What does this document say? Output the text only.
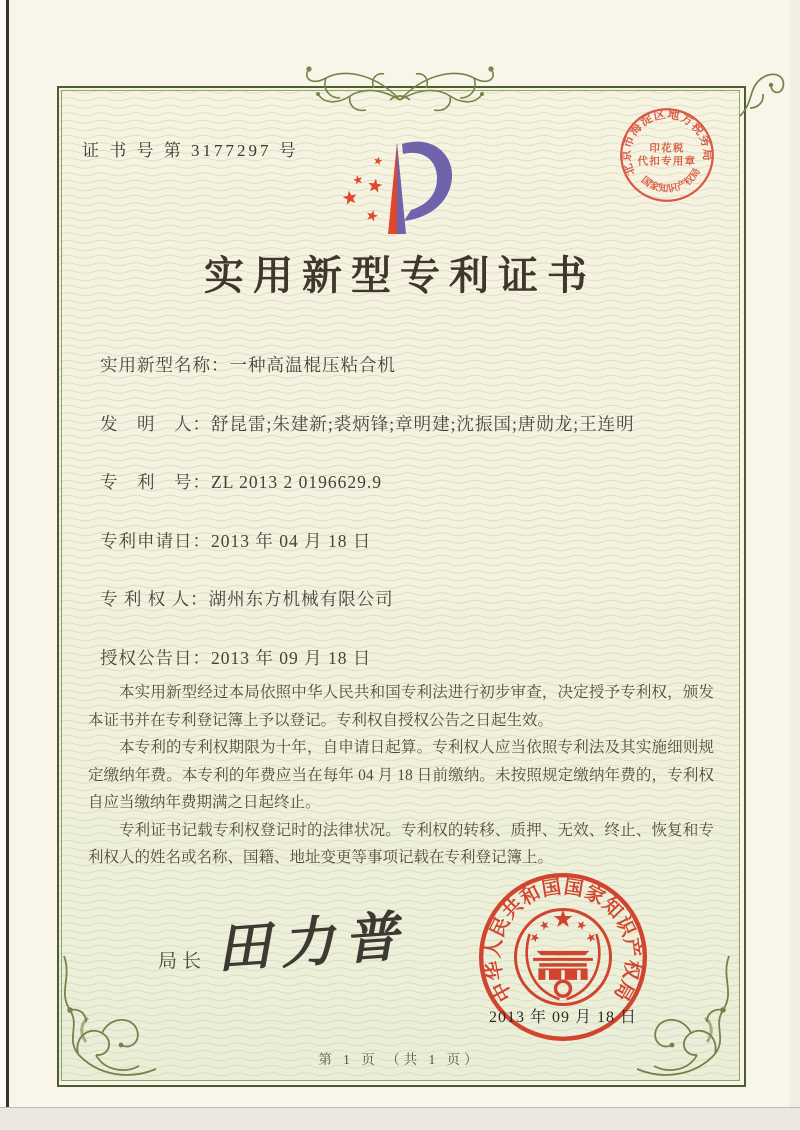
证 书 号 第 3177297 号
实用新型专利证书
北京市海淀区地方税务局
国家知识产权局
印花税
代扣专用章
实用新型名称：一种高温棍压粘合机
发　明　人：舒昆雷;朱建新;裘炳锋;章明建;沈振国;唐勋龙;王连明
专　利　号：ZL 2013 2 0196629.9
专利申请日：2013 年 04 月 18 日
专 利 权 人：湖州东方机械有限公司
授权公告日：2013 年 09 月 18 日

本实用新型经过本局依照中华人民共和国专利法进行初步审查，决定授予专利权，颁发本证书并在专利登记簿上予以登记。专利权自授权公告之日起生效。

本专利的专利权期限为十年，自申请日起算。专利权人应当依照专利法及其实施细则规定缴纳年费。本专利的年费应当在每年 04 月 18 日前缴纳。未按照规定缴纳年费的，专利权自应当缴纳年费期满之日起终止。

专利证书记载专利权登记时的法律状况。专利权的转移、质押、无效、终止、恢复和专利权人的姓名或名称、国籍、地址变更等事项记载在专利登记簿上。

局长 田力普
中华人民共和国国家知识产权局
2013 年 09 月 18 日
第 1 页 （共 1 页）
